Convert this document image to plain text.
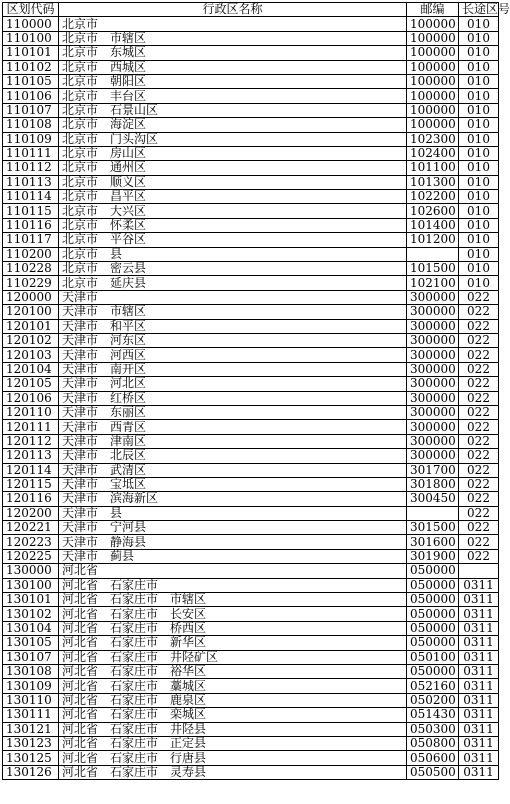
区划代码	行政区名称	邮编	长途区号
110000	北京市	100000	010
110100	北京市　市辖区	100000	010
110101	北京市　东城区	100000	010
110102	北京市　西城区	100000	010
110105	北京市　朝阳区	100000	010
110106	北京市　丰台区	100000	010
110107	北京市　石景山区	100000	010
110108	北京市　海淀区	100000	010
110109	北京市　门头沟区	102300	010
110111	北京市　房山区	102400	010
110112	北京市　通州区	101100	010
110113	北京市　顺义区	101300	010
110114	北京市　昌平区	102200	010
110115	北京市　大兴区	102600	010
110116	北京市　怀柔区	101400	010
110117	北京市　平谷区	101200	010
110200	北京市　县		010
110228	北京市　密云县	101500	010
110229	北京市　延庆县	102100	010
120000	天津市	300000	022
120100	天津市　市辖区	300000	022
120101	天津市　和平区	300000	022
120102	天津市　河东区	300000	022
120103	天津市　河西区	300000	022
120104	天津市　南开区	300000	022
120105	天津市　河北区	300000	022
120106	天津市　红桥区	300000	022
120110	天津市　东丽区	300000	022
120111	天津市　西青区	300000	022
120112	天津市　津南区	300000	022
120113	天津市　北辰区	300000	022
120114	天津市　武清区	301700	022
120115	天津市　宝坻区	301800	022
120116	天津市　滨海新区	300450	022
120200	天津市　县		022
120221	天津市　宁河县	301500	022
120223	天津市　静海县	301600	022
120225	天津市　蓟县	301900	022
130000	河北省	050000	
130100	河北省　石家庄市	050000	0311
130101	河北省　石家庄市　市辖区	050000	0311
130102	河北省　石家庄市　长安区	050000	0311
130104	河北省　石家庄市　桥西区	050000	0311
130105	河北省　石家庄市　新华区	050000	0311
130107	河北省　石家庄市　井陉矿区	050100	0311
130108	河北省　石家庄市　裕华区	050000	0311
130109	河北省　石家庄市　藁城区	052160	0311
130110	河北省　石家庄市　鹿泉区	050200	0311
130111	河北省　石家庄市　栾城区	051430	0311
130121	河北省　石家庄市　井陉县	050300	0311
130123	河北省　石家庄市　正定县	050800	0311
130125	河北省　石家庄市　行唐县	050600	0311
130126	河北省　石家庄市　灵寿县	050500	0311
